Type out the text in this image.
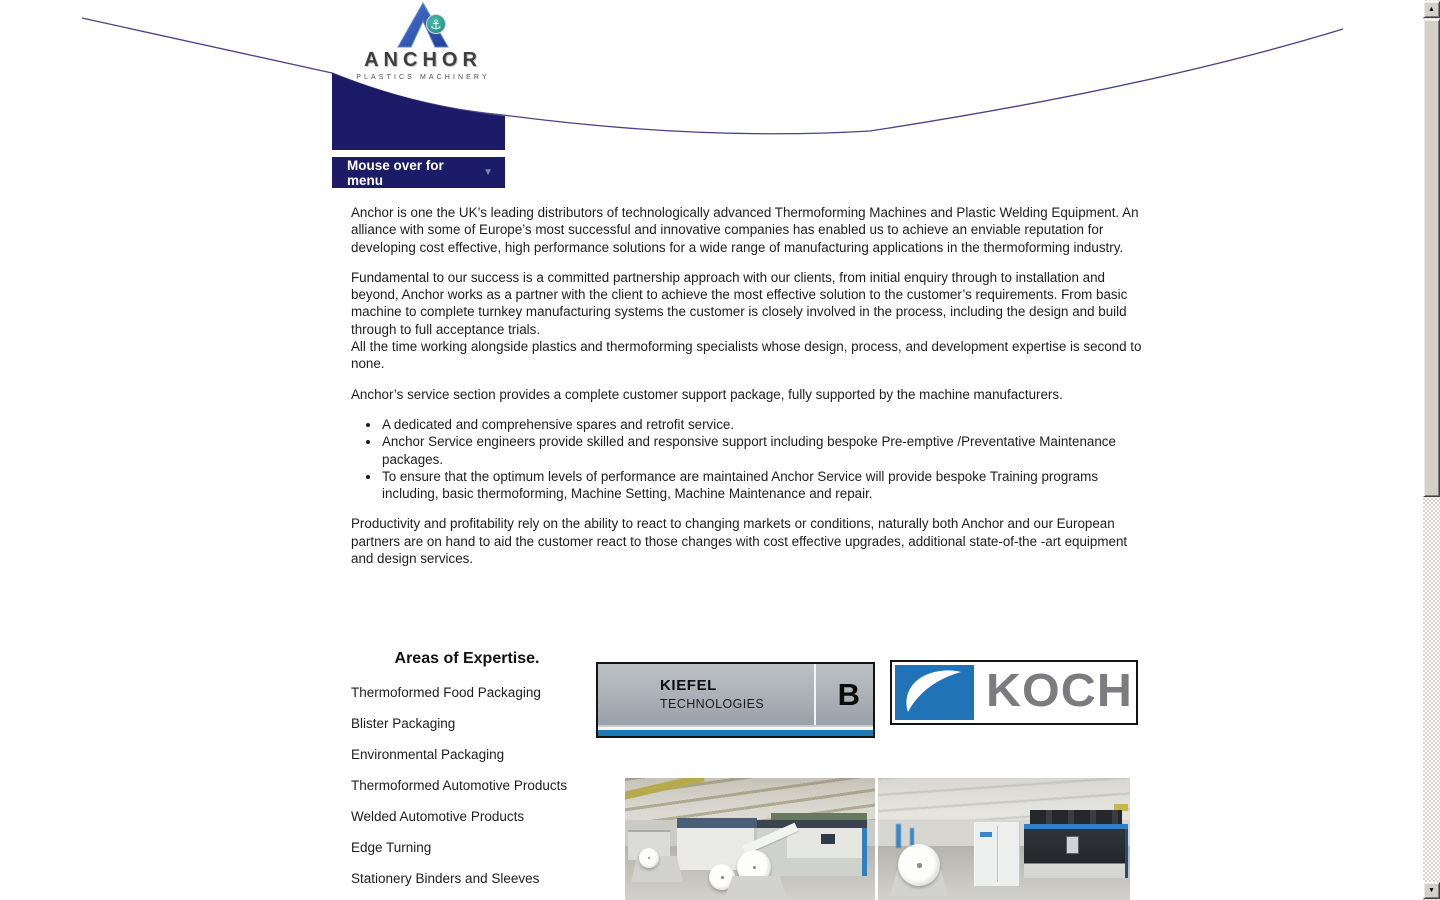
⚓
ANCHOR
PLASTICS MACHINERY
Mouse over for menu
▼

Anchor is one the UK’s leading distributors of technologically advanced Thermoforming Machines and Plastic Welding Equipment. An alliance with some of Europe’s most successful and innovative companies has enabled us to achieve an enviable reputation for developing cost effective, high performance solutions for a wide range of manufacturing applications in the thermoforming industry.

Fundamental to our success is a committed partnership approach with our clients, from initial enquiry through to installation and beyond, Anchor works as a partner with the client to achieve the most effective solution to the customer’s requirements. From basic machine to complete turnkey manufacturing systems the customer is closely involved in the process, including the design and build through to full acceptance trials.
All the time working alongside plastics and thermoforming specialists whose design, process, and development expertise is second to none.

Anchor’s service section provides a complete customer support package, fully supported by the machine manufacturers.

• A dedicated and comprehensive spares and retrofit service.
• Anchor Service engineers provide skilled and responsive support including bespoke Pre-emptive /Preventative Maintenance packages.
• To ensure that the optimum levels of performance are maintained Anchor Service will provide bespoke Training programs including, basic thermoforming, Machine Setting, Machine Maintenance and repair.

Productivity and profitability rely on the ability to react to changing markets or conditions, naturally both Anchor and our European partners are on hand to aid the customer react to those changes with cost effective upgrades, additional state-of-the -art equipment and design services.

Areas of Expertise.
Thermoformed Food Packaging
Blister Packaging
Environmental Packaging
Thermoformed Automotive Products
Welded Automotive Products
Edge Turning
Stationery Binders and Sleeves
KIEFEL
TECHNOLOGIES B	KOCH
▲
▼
